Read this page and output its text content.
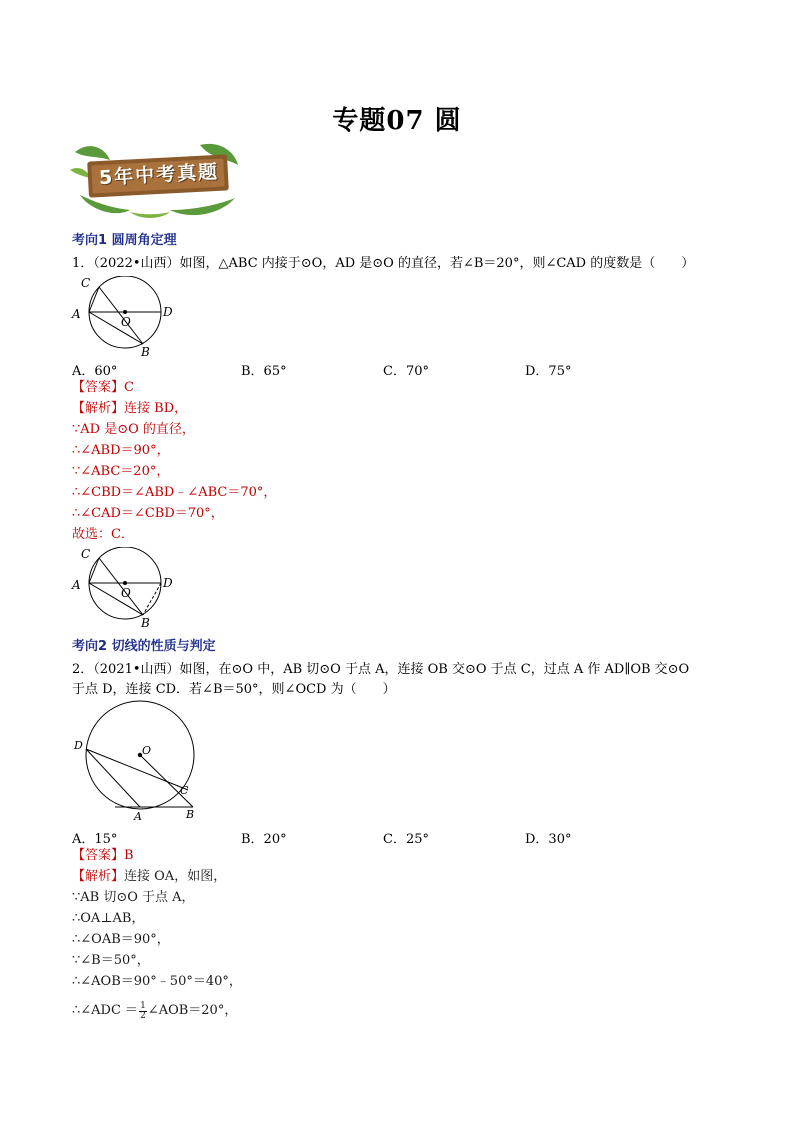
专题07 圆
5年中考真题
考向1 圆周角定理
1．（2022•山西）如图，△ABC 内接于⊙O，AD 是⊙O 的直径，若∠B＝20°，则∠CAD 的度数是（　　）
C
A	D
O
B
A．60°	B．65°	C．70°	D．75°
【答案】C
【解析】连接 BD，
∵AD 是⊙O 的直径，
∴∠ABD＝90°，
∵∠ABC＝20°，
∴∠CBD＝∠ABD﹣∠ABC＝70°，
∴∠CAD＝∠CBD＝70°，
故选：C．
C
A	D
O
B
考向2 切线的性质与判定
2．（2021•山西）如图，在⊙O 中，AB 切⊙O 于点 A，连接 OB 交⊙O 于点 C，过点 A 作 AD∥OB 交⊙O
于点 D，连接 CD．若∠B＝50°，则∠OCD 为（　　）
D	O
C
A	B
A．15°	B．20°	C．25°	D．30°
【答案】B
【解析】连接 OA，如图，
∵AB 切⊙O 于点 A，
∴OA⊥AB，
∴∠OAB＝90°，
∵∠B＝50°，
∴∠AOB＝90°﹣50°＝40°，
∴∠ADC ＝ $\frac{1}{2}$ ∠AOB＝20°，
